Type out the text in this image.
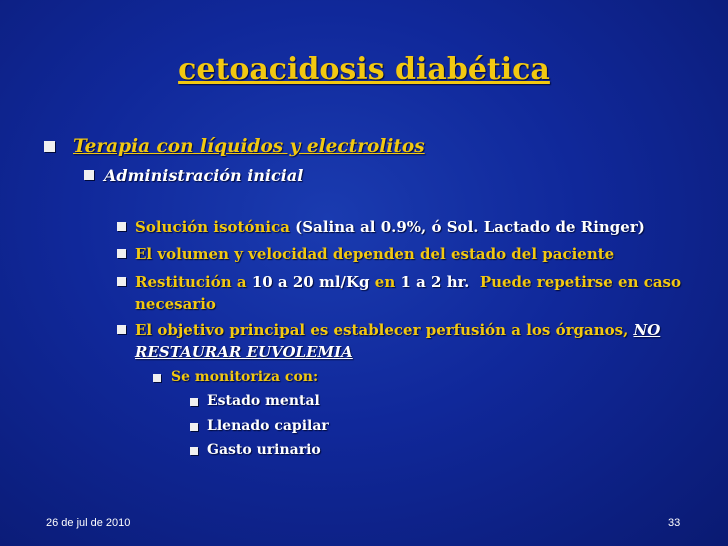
cetoacidosis diabética
Terapia con líquidos y electrolitos
Administración inicial
Solución isotónica (Salina al 0.9%, ó Sol. Lactado de Ringer)
El volumen y velocidad dependen del estado del paciente
Restitución a 10 a 20 ml/Kg en 1 a 2 hr.  Puede repetirse en caso
necesario
El objetivo principal es establecer perfusión a los órganos, NO
RESTAURAR EUVOLEMIA
Se monitoriza con:
Estado mental
Llenado capilar
Gasto urinario
26 de jul de 2010	33
